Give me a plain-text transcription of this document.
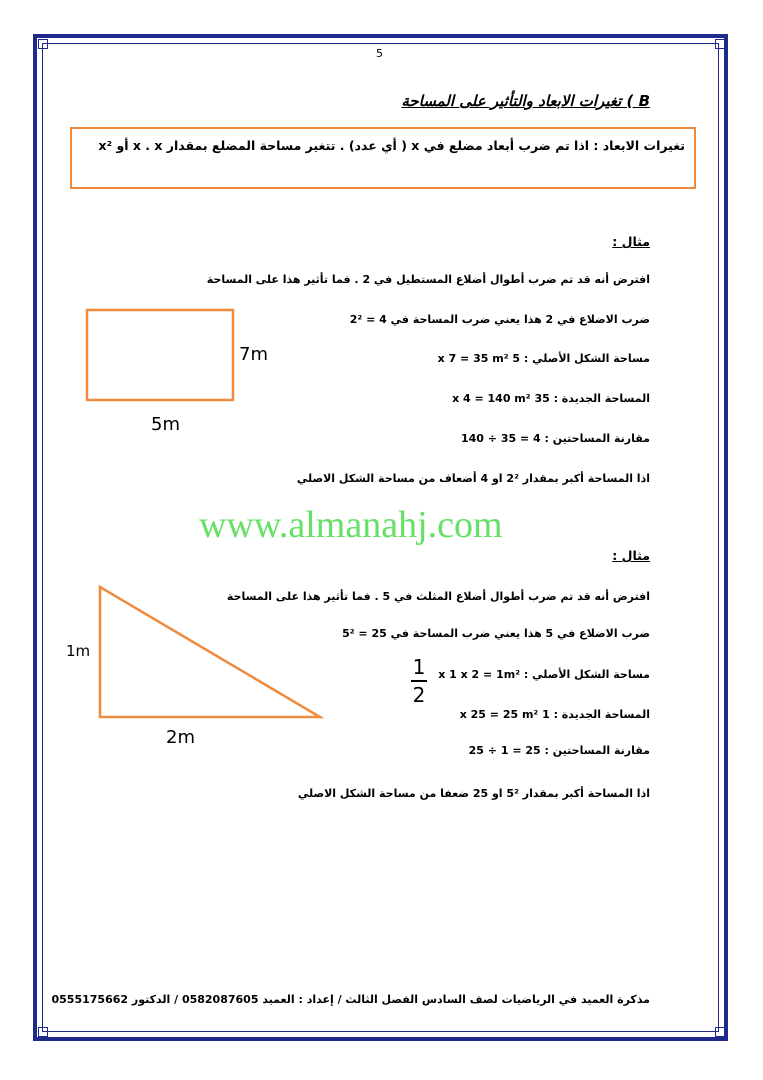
5
B ) تغيرات الابعاد والتأثير على المساحة
تغيرات الابعاد : اذا تم ضرب أبعاد مضلع في x ( أي عدد) . تتغير مساحة المضلع بمقدار x . x أو x²
مثال :
افترض أنه قد تم ضرب أطوال أضلاع المستطيل في 2 . فما تأثير هذا على المساحة
ضرب الاضلاع في 2 هذا يعني ضرب المساحة في 4 = 2²
مساحة الشكل الأصلي : 5 x 7 = 35 m²
المساحة الجديدة : 35 x 4 = 140 m²
مقارنة المساحتين : 4 = 35 ÷ 140
اذا المساحة أكبر بمقدار 2² او 4 أضعاف من مساحة الشكل الاصلي
7m
5m
www.almanahj.com
مثال :
افترض أنه قد تم ضرب أطوال أضلاع المثلث في 5 . فما تأثير هذا على المساحة
ضرب الاضلاع في 5 هذا يعني ضرب المساحة في 25 = 5²
مساحة الشكل الأصلي : x 1 x 2 = 1m²
1
2
المساحة الجديدة : 1 x 25 = 25 m²
مقارنة المساحتين : 25 = 1 ÷ 25
اذا المساحة أكبر بمقدار 5² او 25 ضعفا من مساحة الشكل الاصلي
1m
2m
مذكرة العميد في الرياضيات لصف السادس الفصل الثالث / إعداد : العميد 0582087605 / الدكتور 0555175662
